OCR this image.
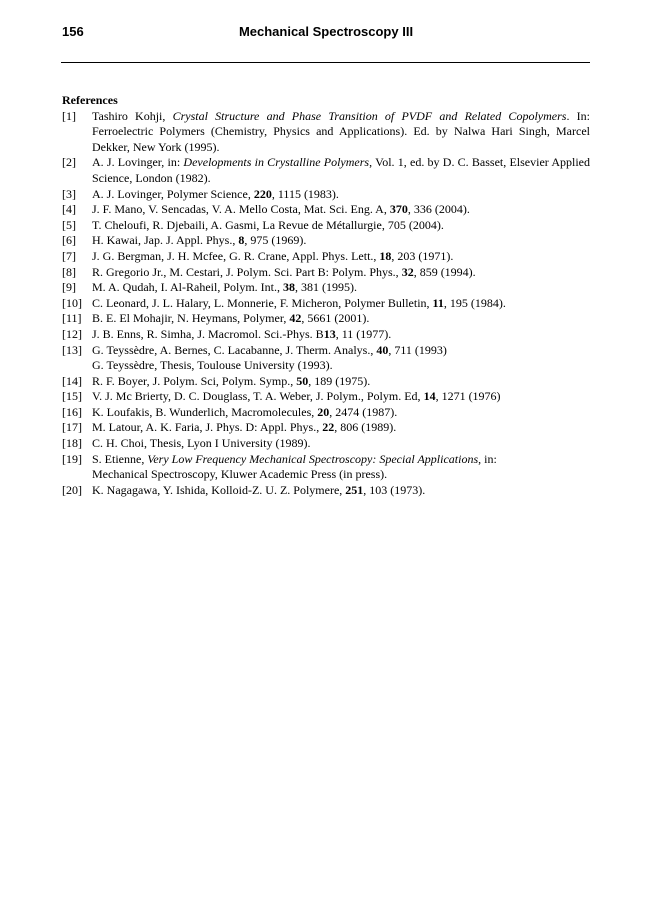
156	Mechanical Spectroscopy III
References
[1]	Tashiro Kohji, Crystal Structure and Phase Transition of PVDF and Related Copolymers. In: Ferroelectric Polymers (Chemistry, Physics and Applications). Ed. by Nalwa Hari Singh, Marcel Dekker, New York (1995).
[2]	A. J. Lovinger, in: Developments in Crystalline Polymers, Vol. 1, ed. by D. C. Basset, Elsevier Applied Science, London (1982).
[3]	A. J. Lovinger, Polymer Science, 220, 1115 (1983).
[4]	J. F. Mano, V. Sencadas, V. A. Mello Costa, Mat. Sci. Eng. A, 370, 336 (2004).
[5]	T. Cheloufi, R. Djebaili, A. Gasmi, La Revue de Métallurgie, 705 (2004).
[6]	H. Kawai, Jap. J. Appl. Phys., 8, 975 (1969).
[7]	J. G. Bergman, J. H. Mcfee, G. R. Crane, Appl. Phys. Lett., 18, 203 (1971).
[8]	R. Gregorio Jr., M. Cestari, J. Polym. Sci. Part B: Polym. Phys., 32, 859 (1994).
[9]	M. A. Qudah, I. Al-Raheil, Polym. Int., 38, 381 (1995).
[10] C. Leonard, J. L. Halary, L. Monnerie, F. Micheron, Polymer Bulletin, 11, 195 (1984).
[11] B. E. El Mohajir, N. Heymans, Polymer, 42, 5661 (2001).
[12] J. B. Enns, R. Simha, J. Macromol. Sci.-Phys. B13, 11 (1977).
[13] G. Teyssèdre, A. Bernes, C. Lacabanne, J. Therm. Analys., 40, 711 (1993)
G. Teyssèdre, Thesis, Toulouse University (1993).
[14] R. F. Boyer, J. Polym. Sci, Polym. Symp., 50, 189 (1975).
[15] V. J. Mc Brierty, D. C. Douglass, T. A. Weber, J. Polym., Polym. Ed, 14, 1271 (1976)
[16] K. Loufakis, B. Wunderlich, Macromolecules, 20, 2474 (1987).
[17] M. Latour, A. K. Faria, J. Phys. D: Appl. Phys., 22, 806 (1989).
[18] C. H. Choi, Thesis, Lyon I University (1989).
[19] S. Etienne, Very Low Frequency Mechanical Spectroscopy: Special Applications, in:
Mechanical Spectroscopy, Kluwer Academic Press (in press).
[20] K. Nagagawa, Y. Ishida, Kolloid-Z. U. Z. Polymere, 251, 103 (1973).
